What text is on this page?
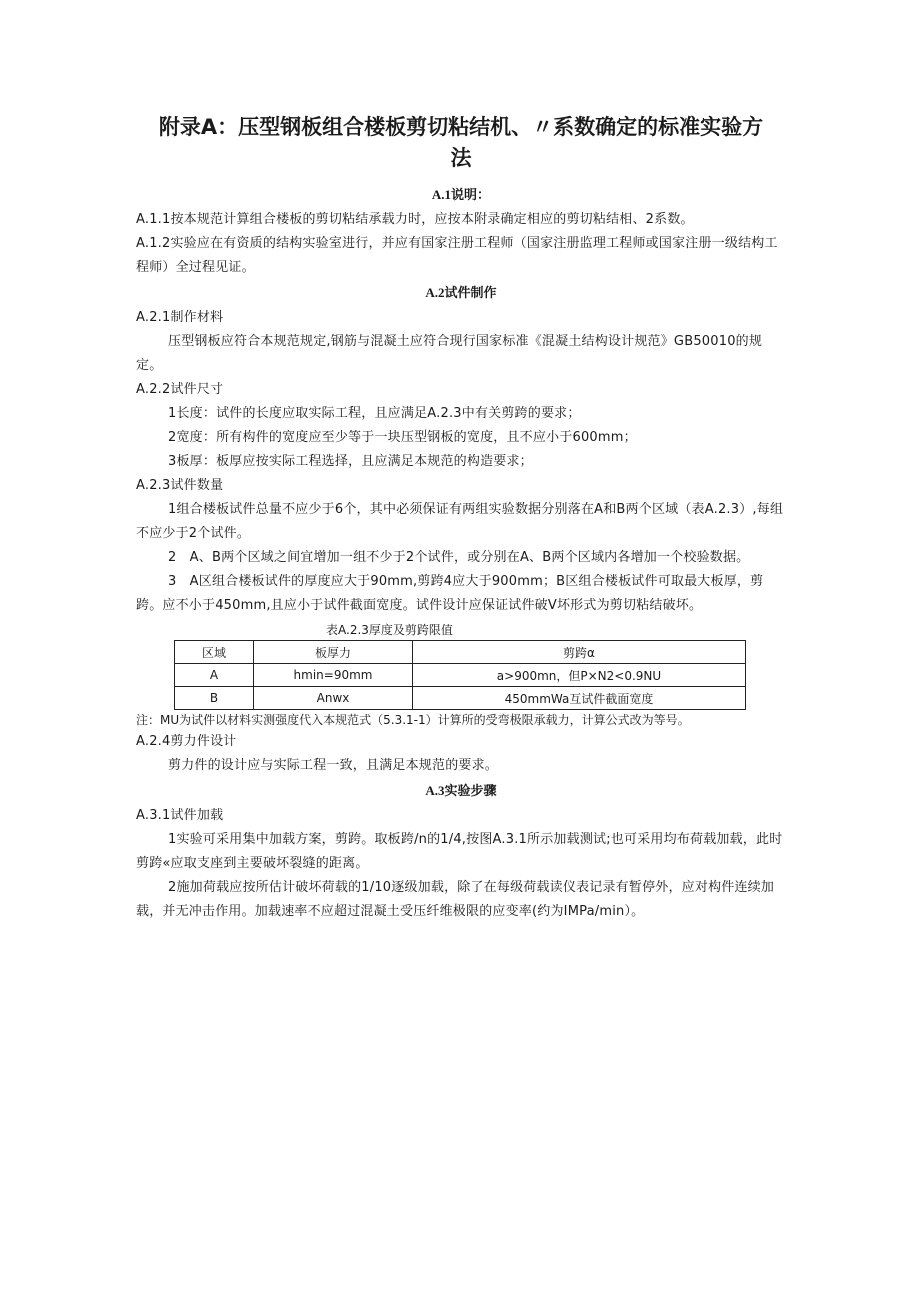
附录A：压型钢板组合楼板剪切粘结机、〃系数确定的标准实验方
法
A.1说明：

A.1.1按本规范计算组合楼板的剪切粘结承载力时，应按本附录确定相应的剪切粘结相、2系数。

A.1.2实验应在有资质的结构实验室进行，并应有国家注册工程师（国家注册监理工程师或国家注册一级结构工程师）全过程见证。

A.2试件制作

A.2.1制作材料

压型钢板应符合本规范规定,钢筋与混凝土应符合现行国家标准《混凝土结构设计规范》GB50010的规定。

A.2.2试件尺寸

1长度：试件的长度应取实际工程，且应满足A.2.3中有关剪跨的要求；

2宽度：所有构件的宽度应至少等于一块压型钢板的宽度，且不应小于600mm；

3板厚：板厚应按实际工程选择，且应满足本规范的构造要求；

A.2.3试件数量

1组合楼板试件总量不应少于6个，其中必须保证有两组实验数据分别落在A和B两个区域（表A.2.3）,每组不应少于2个试件。

2　A、B两个区域之间宜增加一组不少于2个试件，或分别在A、B两个区域内各增加一个校验数据。

3　A区组合楼板试件的厚度应大于90mm,剪跨4应大于900mm；B区组合楼板试件可取最大板厚，剪跨。应不小于450mm,且应小于试件截面宽度。试件设计应保证试件破V坏形式为剪切粘结破坏。

表A.2.3厚度及剪跨限值
区域	板厚力	剪跨α
A	hmin=90mm	a>900mn，但P×N2<0.9NU
B	Anwx	450mmWa互试件截面宽度
注：MU为试件以材料实测强度代入本规范式（5.3.1-1）计算所的受弯极限承载力，计算公式改为等号。

A.2.4剪力件设计

剪力件的设计应与实际工程一致，且满足本规范的要求。

A.3实验步骤

A.3.1试件加载

1实验可采用集中加载方案，剪跨。取板跨/n的1/4,按图A.3.1所示加载测试;也可采用均布荷载加载，此时剪跨«应取支座到主要破坏裂缝的距离。

2施加荷载应按所估计破坏荷载的1/10逐级加载，除了在每级荷载读仪表记录有暂停外，应对构件连续加载，并无冲击作用。加载速率不应超过混凝土受压纤维极限的应变率(约为IMPa/min）。
